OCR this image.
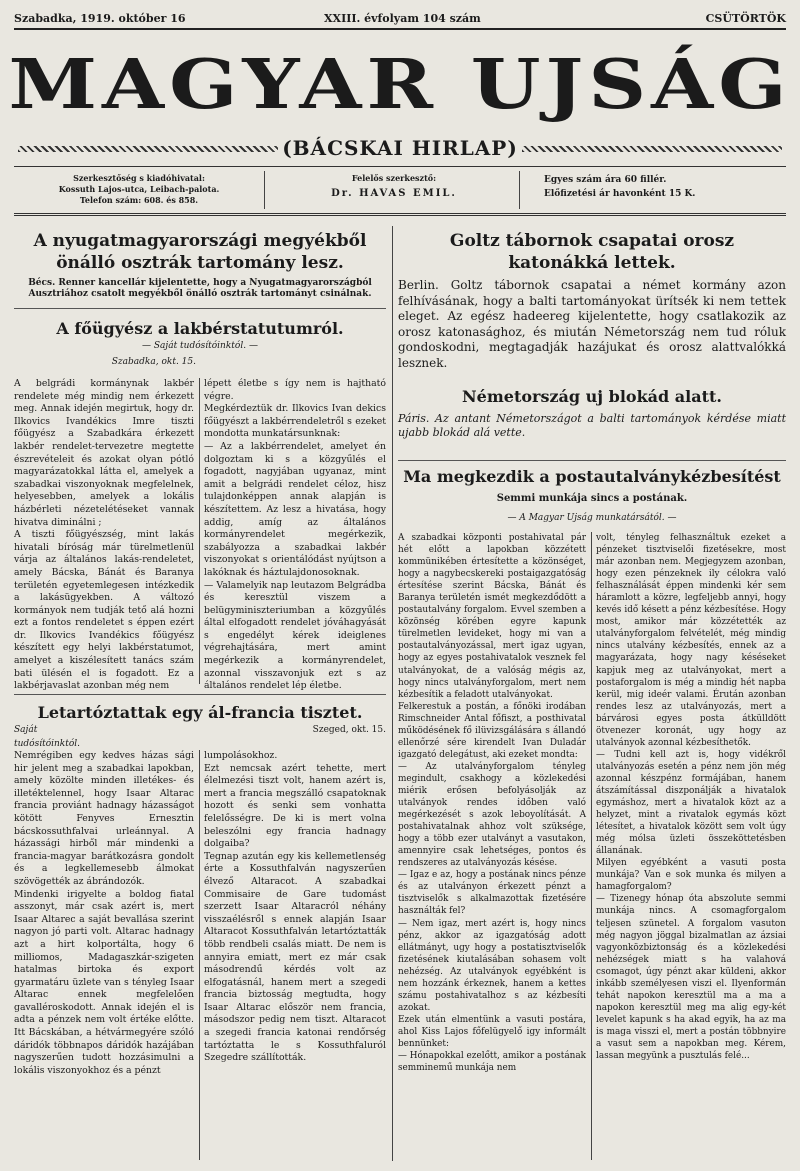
Szabadka, 1919. október 16	XXIII. évfolyam 104 szám	CSÜTÖRTÖK
MAGYAR UJSÁG
(BÁCSKAI HIRLAP)
Szerkesztőség s kiadóhivatal:
Kossuth Lajos-utca, Leibach-palota.
Telefon szám: 608. és 858.
Felelős szerkesztő:
Dr. HAVAS EMIL.
Egyes szám ára 60 fillér.
Előfizetési ár havonként 15 K.
A nyugatmagyarországi megyékből önálló osztrák tartomány lesz.

Bécs. Renner kancellár kijelentette, hogy a Nyugatmagyarországból Ausztriához csatolt megyékből önálló osztrák tartományt csinálnak.

A főügyész a lakbérstatutumról.
— Saját tudósítóinktól. —
Szabadka, okt. 15.
A belgrádi kormánynak lakbér rendelete még mindig nem érkezett meg. Annak idején megirtuk, hogy dr. Ilkovics Ivandékics Imre tiszti főügyész a Szabadkára érkezett lakbér rendelet-tervezetre megtette észrevételeit és azokat olyan pótló magyarázatokkal látta el, amelyek a szabadkai viszonyoknak megfelelnek, helyesebben, amelyek a lokális házbérleti nézetelétéseket vannak hivatva diminálni ;
A tiszti főügyészség, mint lakás hivatali bíróság már türelmetlenül várja az általános lakás-rendeletet, amely Bácska, Bánát és Baranya területén egyetemlegesen intézkedik a lakásügyekben. A változó kormányok nem tudják tető alá hozni ezt a fontos rendeletet s éppen ezért dr. Ilkovics Ivandékics főügyész készített egy helyi lakbérstatumot, amelyet a kiszélesített tanács szám bati ülésén el is fogadott. Ez a lakbérjavaslat azonban még nem
lépett életbe s így nem is hajtható végre.
Megkérdeztük dr. Ilkovics Ivan dekics főügyészt a lakbérrendeletről s ezeket mondotta munkatársunknak:
— Az a lakbérrendelet, amelyet én dolgoztam ki s a közgyűlés el fogadott, nagyjában ugyanaz, mint amit a belgrádi rendelet céloz, hisz tulajdonképpen annak alapján is készítettem. Az lesz a hivatása, hogy addig, amíg az általános kormányrendelet megérkezik, szabályozza a szabadkai lakbér viszonyokat s orientálódást nyújtson a lakóknak és háztulajdonosoknak.
— Valamelyik nap leutazom Belgrádba és keresztül viszem a belügyminiszteriumban a közgyűlés által elfogadott rendelet jóváhagyását s engedélyt kérek ideiglenes végrehajtására, mert amint megérkezik a kormányrendelet, azonnal visszavonjuk ezt s az általános rendelet lép életbe.
Letartóztattak egy ál-francia tisztet.
Saját tudósítóinktól.
Szeged, okt. 15.
Nemrégiben egy kedves házas sági hir jelent meg a szabadkai lapokban, amely közölte minden illetékes- és illetéktelennel, hogy Isaar Altarac francia proviánt hadnagy házasságot kötött Fenyves Ernesztin bácskossuthfalvai urleánnyal. A házassági hirből már mindenki a francia-magyar barátkozásra gondolt és a legkellemesebb álmokat szövögették az ábrándozók.
Mindenki irigyelte a boldog fiatal asszonyt, már csak azért is, mert Isaar Altarec a saját bevallása szerint nagyon jó parti volt. Altarac hadnagy azt a hirt kolportálta, hogy 6 milliomos, Madagaszkár-szigeten hatalmas birtoka és export gyarmatáru üzlete van s tényleg Isaar Altarac ennek megfelelően gavalléroskodott. Annak idején el is adta a pénzek nem volt értéke előtte. Itt Bácskában, a hétvármegyére szóló dáridók többnapos dáridók hazájában nagyszerűen tudott hozzásimulni a lokális viszonyokhoz és a pénzt
lumpolásokhoz.
Ezt nemcsak azért tehette, mert élelmezési tiszt volt, hanem azért is, mert a francia megszálló csapatoknak hozott és senki sem vonhatta felelősségre. De ki is mert volna beleszólni egy francia hadnagy dolgaiba?
Tegnap azután egy kis kellemetlenség érte a Kossuthfalván nagyszerűen élvező Altaracot. A szabadkai Commisaire de Gare tudomást szerzett Isaar Altaracról néhány visszaélésről s ennek alapján Isaar Altaracot Kossuthfalván letartóztatták több rendbeli csalás miatt. De nem is annyira emiatt, mert ez már csak másodrendű kérdés volt az elfogatásnál, hanem mert a szegedi francia biztosság megtudta, hogy Isaar Altarac először nem francia, másodszor pedig nem tiszt. Altaracot a szegedi francia katonai rendőrség tartóztatta le s Kossuthfaluról Szegedre szállították.
Goltz tábornok csapatai orosz katonákká lettek.

Berlin. Goltz tábornok csapatai a német kormány azon felhívásának, hogy a balti tartományokat ürítsék ki nem tettek eleget. Az egész hadeereg kijelentette, hogy csatlakozik az orosz katonasághoz, és miután Németország nem tud róluk gondoskodni, megtagadják hazájukat és orosz alattvalókká lesznek.

Németország uj blokád alatt.

Páris. Az antant Németországot a balti tartományok kérdése miatt ujabb blokád alá vette.

Ma megkezdik a postautalványkézbesítést
Semmi munkája sincs a postának.
— A Magyar Ujság munkatársától. —
A szabadkai központi postahivatal pár hét előtt a lapokban közzétett kommünikében értesítette a közönséget, hogy a nagybecskereki postaigazgatóság értesítése szerint Bácska, Bánát és Baranya területén ismét megkezdődött a postautalvány forgalom. Evvel szemben a közönség körében egyre kapunk türelmetlen levideket, hogy mi van a postautalványozással, mert igaz ugyan, hogy az egyes postahivatalok vesznek fel utalványokat, de a valóság mégis az, hogy nincs utalványforgalom, mert nem kézbesítik a feladott utalványokat.
Felkerestuk a postán, a főnöki irodában Rimschneider Antal főfiszt, a posthivatal működésének fő ilüvizsgálására s állandó ellenőrzé sére kirendelt Ivan Duladár igazgató delegátust, aki ezeket mondta:
— Az utalványforgalom tényleg megindult, csakhogy a közlekedési miérik erősen befolyásolják az utalványok rendes időben való megérkezését s azok leboyolítását. A postahivatalnak ahhoz volt szüksége, hogy a több ezer utalványt a vasutakon, amennyire csak lehetséges, pontos és rendszeres az utalványozás késése.
— Igaz e az, hogy a postának nincs pénze és az utalványon érkezett pénzt a tisztviselők s alkalmazottak fizetésére használták fel?
— Nem igaz, mert azért is, hogy nincs pénz, akkor az igazgatóság adott ellátmányt, ugy hogy a postatisztviselők fizetésének kiutalásában sohasem volt nehézség. Az utalványok egyébként is nem hozzánk érkeznek, hanem a kettes számu postahivatalhoz s az kézbesíti azokat.
Ezek után elmentünk a vasuti postára, ahol Kiss Lajos főfelügyelő igy informált bennünket:
— Hónapokkal ezelőtt, amikor a postának semminemű munkája nem
volt, tényleg felhasználtuk ezeket a pénzeket tisztviselői fizetésekre, most már azonban nem. Megjegyzem azonban, hogy ezen pénzeknek ily célokra való felhasználását éppen mindenki kér sem háramlott a közre, legfeljebb annyi, hogy kevés idő késett a pénz kézbesítése. Hogy most, amikor már közzétették az utalványforgalom felvételét, még mindig nincs utalvány kézbesítés, ennek az a magyarázata, hogy nagy késéseket kapjuk meg az utalványokat, mert a postaforgalom is még a mindig hét napba kerül, mig ideér valami. Érután azonban rendes lesz az utalványozás, mert a bárvárosi egyes posta átkülldött ötvenezer koronát, ugy hogy az utalványok azonnal kézbesíthetők.
— Tudni kell azt is, hogy vidékről utalványozás esetén a pénz nem jön még azonnal készpénz formájában, hanem átszámítással diszponálják a hivatalok egymáshoz, mert a hivatalok közt az a helyzet, mint a rivatalok egymás közt létesítet, a hivatalok között sem volt úgy még mólsa üzleti összeköttetésben állanának.
Milyen egyébként a vasuti posta munkája? Van e sok munka és milyen a hamagforgalom?
— Tizenegy hónap óta abszolute semmi munkája nincs. A csomagforgalom teljesen szünetel. A forgalom vasuton még nagyon jöggal bizalmatlan az ázsiai vagyonközbiztonság és a közlekedési nehézségek miatt s ha valahová csomagot, úgy pénzt akar küldeni, akkor inkább személyesen viszi el. Ilyenformán tehát napokon keresztül ma a ma a napokon keresztül meg ma alig egy-két levelet kapunk s ha akad egyik, ha az ma is maga visszi el, mert a postán többnyire a vasut sem a napokban meg. Kérem, lassan megyünk a pusztulás felé...
